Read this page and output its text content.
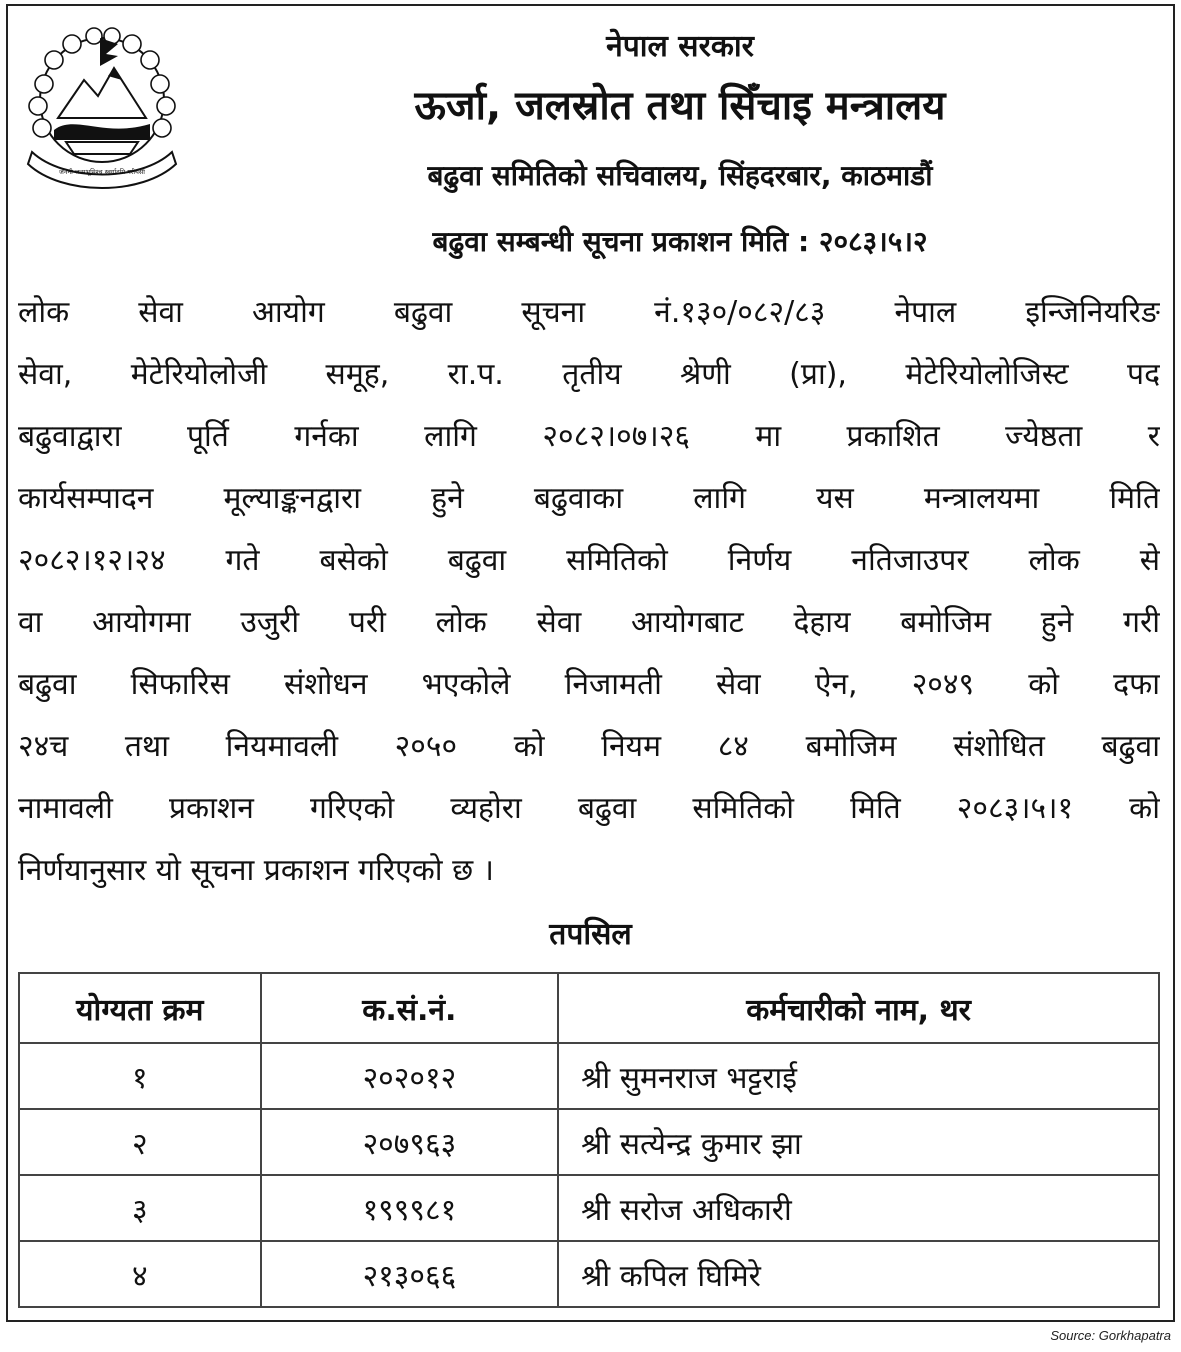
जननी जन्मभूमिश्च स्वर्गादपि गरीयसी
नेपाल सरकार
ऊर्जा, जलस्रोत तथा सिँचाइ मन्त्रालय
बढुवा समितिको सचिवालय, सिंहदरबार, काठमाडौं
बढुवा सम्बन्धी सूचना प्रकाशन मिति : २०८३।५।२
लोक सेवा आयोग बढुवा सूचना नं.१३०/०८२/८३ नेपाल इन्जिनियरिङ
सेवा, मेटेरियोलोजी समूह, रा.प. तृतीय श्रेणी (प्रा), मेटेरियोलोजिस्ट पद
बढुवाद्वारा पूर्ति गर्नका लागि २०८२।०७।२६ मा प्रकाशित ज्येष्ठता र
कार्यसम्पादन मूल्याङ्कनद्वारा हुने बढुवाका लागि यस मन्त्रालयमा मिति
२०८२।१२।२४ गते बसेको बढुवा समितिको निर्णय नतिजाउपर लोक से
वा आयोगमा उजुरी परी लोक सेवा आयोगबाट देहाय बमोजिम हुने गरी
बढुवा सिफारिस संशोधन भएकोले निजामती सेवा ऐन, २०४९ को दफा
२४च तथा नियमावली २०५० को नियम ८४ बमोजिम संशोधित बढुवा
नामावली प्रकाशन गरिएको व्यहोरा बढुवा समितिको मिति २०८३।५।१ को
निर्णयानुसार यो सूचना प्रकाशन गरिएको छ ।
तपसिल
योग्यता क्रम	क.सं.नं.	कर्मचारीको नाम, थर
१	२०२०१२	श्री सुमनराज भट्टराई
२	२०७९६३	श्री सत्येन्द्र कुमार झा
३	१९९९८१	श्री सरोज अधिकारी
४	२१३०६६	श्री कपिल घिमिरे
Source: Gorkhapatra
